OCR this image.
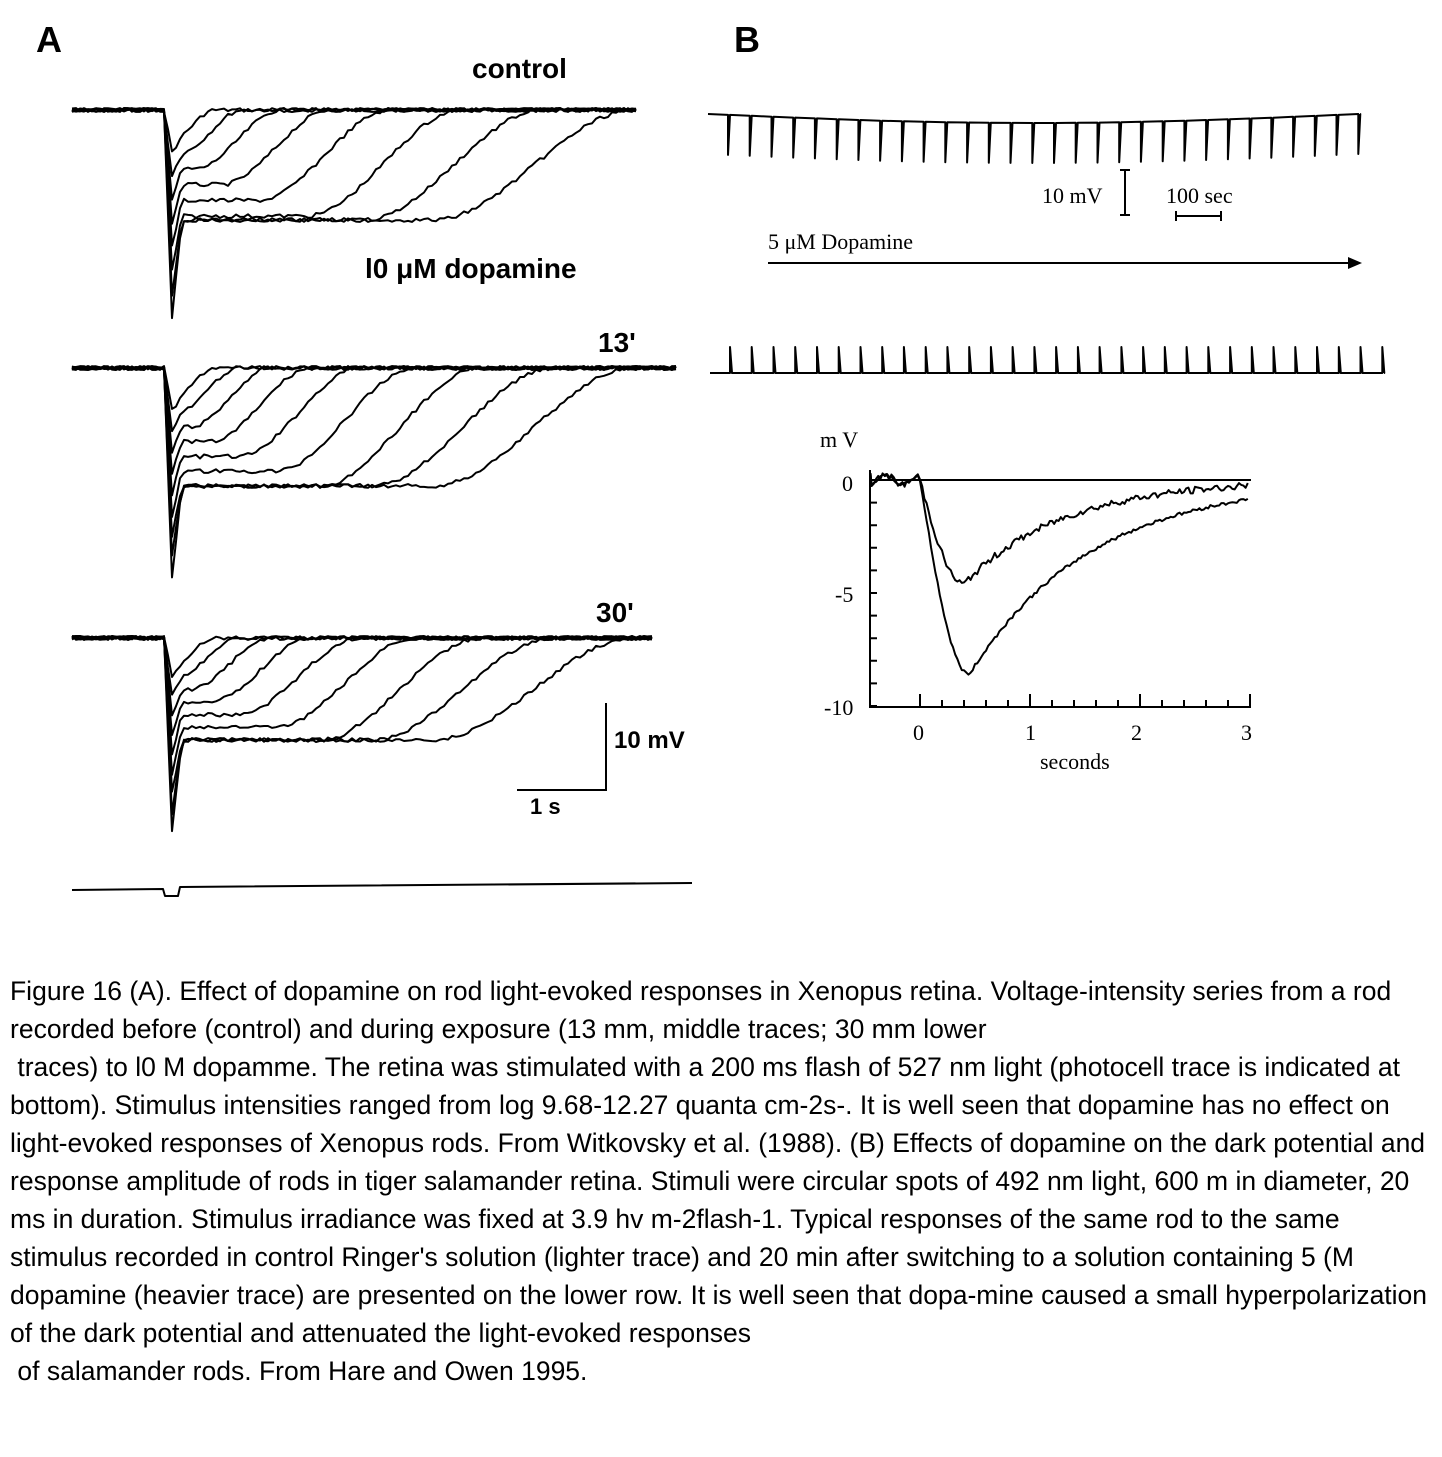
A
control
l0 μM dopamine
13'
30'
10 mV
1 s
B
10 mV	100 sec
5 μM Dopamine
m V
0
-5
-10
0	1	2	3
seconds

Figure 16 (A). Effect of dopamine on rod light-evoked responses in Xenopus retina. Voltage-intensity series from a rod recorded before (control) and during exposure (13 mm, middle traces; 30 mm lower
traces) to l0 M dopamme. The retina was stimulated with a 200 ms flash of 527 nm light (photocell trace is indicated at bottom). Stimulus intensities ranged from log 9.68-12.27 quanta cm-2s-. It is well seen that dopamine has no effect on light-evoked responses of Xenopus rods. From Witkovsky et al. (1988). (B) Effects of dopamine on the dark potential and response amplitude of rods in tiger salamander retina. Stimuli were circular spots of 492 nm light, 600 m in diameter, 20 ms in duration. Stimulus irradiance was fixed at 3.9 hv m-2flash-1. Typical responses of the same rod to the same stimulus recorded in control Ringer's solution (lighter trace) and 20 min after switching to a solution containing 5 (M dopamine (heavier trace) are presented on the lower row. It is well seen that dopa-mine caused a small hyperpolarization of the dark potential and attenuated the light-evoked responses
of salamander rods. From Hare and Owen 1995.
